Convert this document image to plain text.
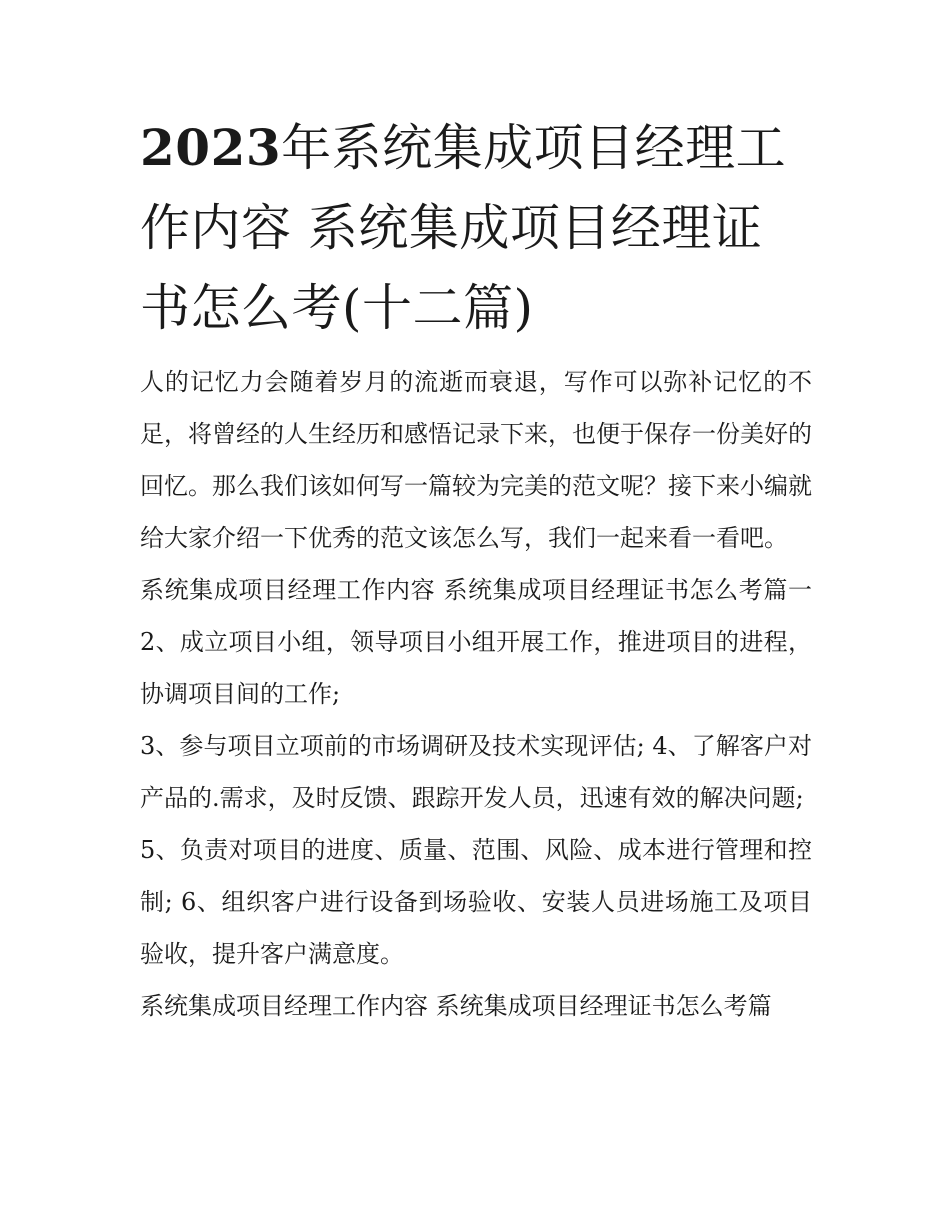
2023年系统集成项目经理工作内容 系统集成项目经理证书怎么考(十二篇)

人的记忆力会随着岁月的流逝而衰退，写作可以弥补记忆的不足，将曾经的人生经历和感悟记录下来，也便于保存一份美好的回忆。那么我们该如何写一篇较为完美的范文呢？接下来小编就给大家介绍一下优秀的范文该怎么写，我们一起来看一看吧。

系统集成项目经理工作内容 系统集成项目经理证书怎么考篇一 2、成立项目小组，领导项目小组开展工作，推进项目的进程，协调项目间的工作;

3、参与项目立项前的市场调研及技术实现评估; 4、了解客户对产品的.需求，及时反馈、跟踪开发人员，迅速有效的解决问题;

5、负责对项目的进度、质量、范围、风险、成本进行管理和控制; 6、组织客户进行设备到场验收、安装人员进场施工及项目验收，提升客户满意度。

系统集成项目经理工作内容 系统集成项目经理证书怎么考篇
